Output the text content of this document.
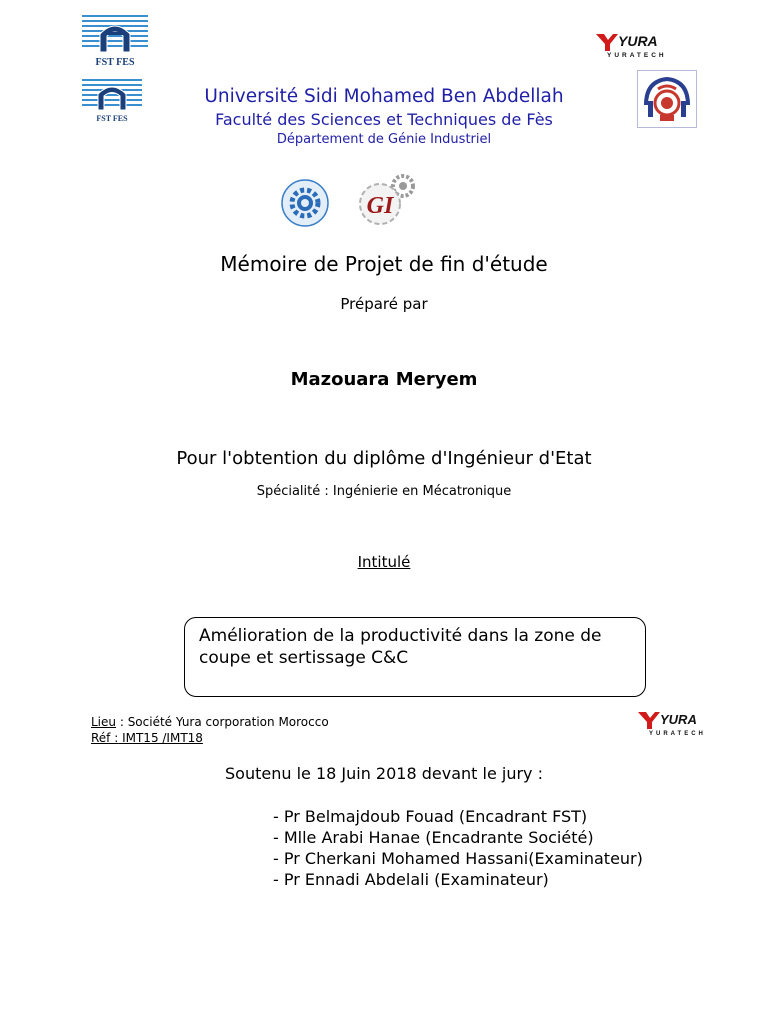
FST FES
FST FES
YURA
YURATECH
Université Sidi Mohamed Ben Abdellah
Faculté des Sciences et Techniques de Fès
Département de Génie Industriel
GI
Mémoire de Projet de fin d'étude
Préparé par
Mazouara Meryem
Pour l'obtention du diplôme d'Ingénieur d'Etat
Spécialité : Ingénierie en Mécatronique
Intitulé
Amélioration de la productivité dans la zone de
coupe et sertissage C&C
Lieu : Société Yura corporation Morocco
Réf : IMT15 /IMT18
YURA
YURATECH
Soutenu le 18 Juin 2018 devant le jury :
- Pr Belmajdoub Fouad (Encadrant FST)
- Mlle Arabi Hanae (Encadrante Société)
- Pr Cherkani Mohamed Hassani(Examinateur)
- Pr Ennadi Abdelali (Examinateur)
